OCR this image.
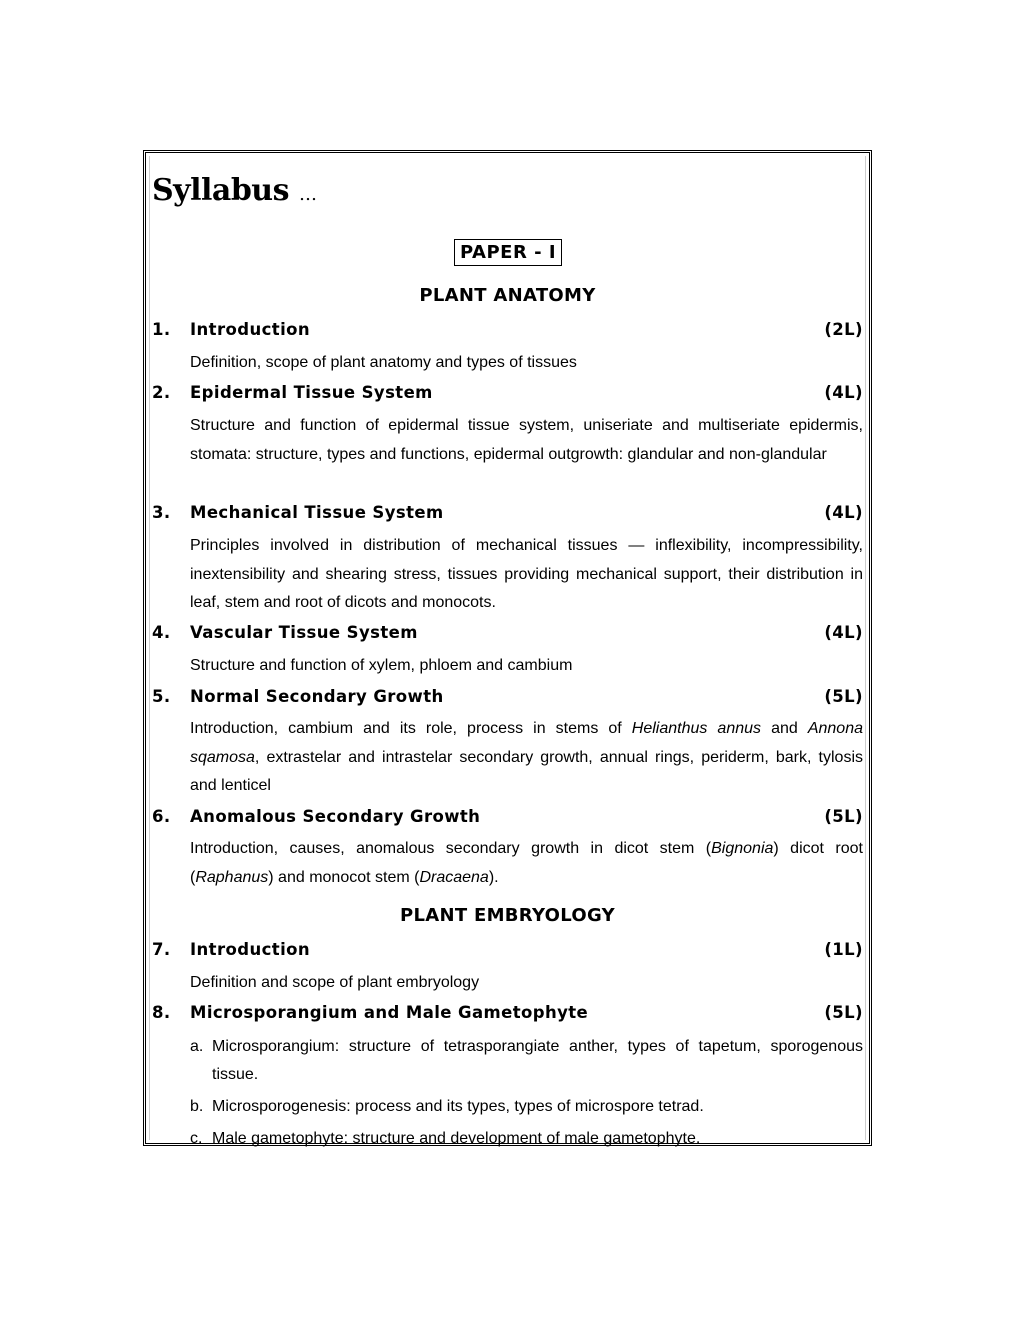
Syllabus …
PAPER - I
PLANT ANATOMY
1. Introduction	(2L)
Definition, scope of plant anatomy and types of tissues
2. Epidermal Tissue System	(4L)
Structure and function of epidermal tissue system, uniseriate and multiseriate epidermis, stomata: structure, types and functions, epidermal outgrowth: glandular and non-glandular
3. Mechanical Tissue System	(4L)
Principles involved in distribution of mechanical tissues — inflexibility, incompressibility, inextensibility and shearing stress, tissues providing mechanical support, their distribution in leaf, stem and root of dicots and monocots.
4. Vascular Tissue System	(4L)
Structure and function of xylem, phloem and cambium
5. Normal Secondary Growth	(5L)
Introduction, cambium and its role, process in stems of Helianthus annus and Annona sqamosa, extrastelar and intrastelar secondary growth, annual rings, periderm, bark, tylosis and lenticel
6. Anomalous Secondary Growth	(5L)
Introduction, causes, anomalous secondary growth in dicot stem (Bignonia) dicot root (Raphanus) and monocot stem (Dracaena).
PLANT EMBRYOLOGY
7. Introduction	(1L)
Definition and scope of plant embryology
8. Microsporangium and Male Gametophyte	(5L)
a. Microsporangium: structure of tetrasporangiate anther, types of tapetum, sporogenous tissue.
b. Microsporogenesis: process and its types, types of microspore tetrad.
c. Male gametophyte: structure and development of male gametophyte.
